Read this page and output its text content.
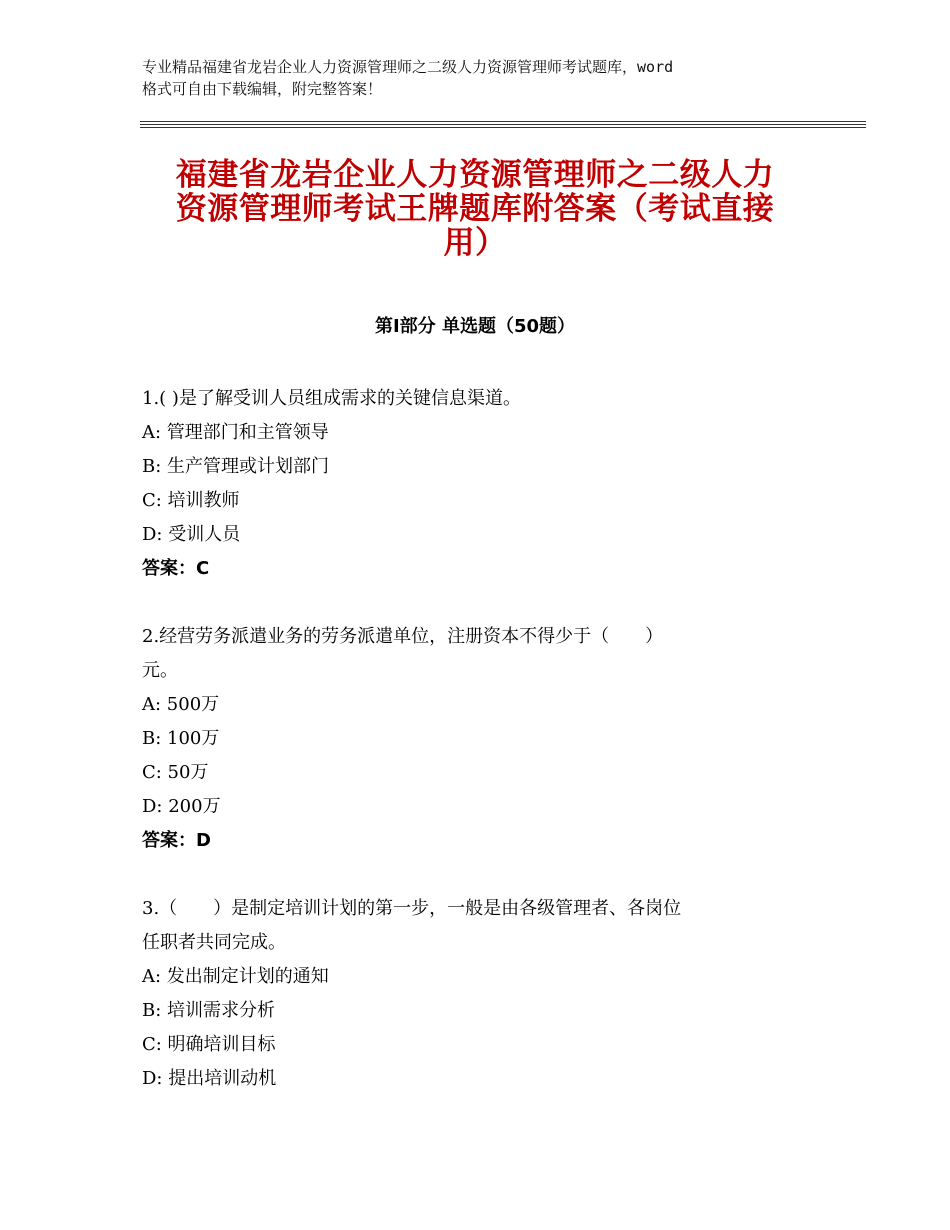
专业精品福建省龙岩企业人力资源管理师之二级人力资源管理师考试题库，word
格式可自由下载编辑，附完整答案！
福建省龙岩企业人力资源管理师之二级人力
资源管理师考试王牌题库附答案（考试直接
用）
第Ⅰ部分 单选题（50题）
1.( )是了解受训人员组成需求的关键信息渠道。
A: 管理部门和主管领导
B: 生产管理或计划部门
C: 培训教师
D: 受训人员
答案：C
2.经营劳务派遣业务的劳务派遣单位，注册资本不得少于（　　）
元。
A: 500万
B: 100万
C: 50万
D: 200万
答案：D
3.（　　）是制定培训计划的第一步，一般是由各级管理者、各岗位
任职者共同完成。
A: 发出制定计划的通知
B: 培训需求分析
C: 明确培训目标
D: 提出培训动机
